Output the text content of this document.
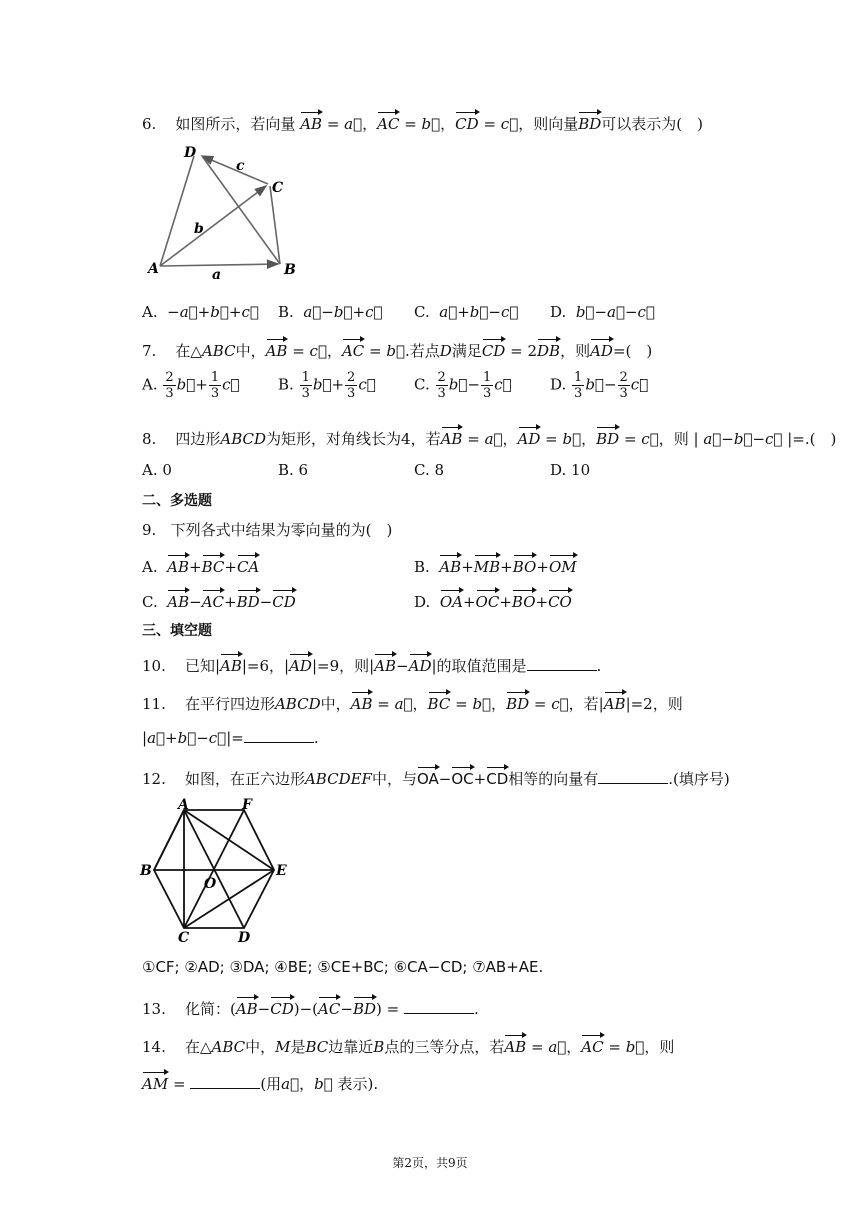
6. 如图所示，若向量 AB = a⃗，AC = b⃗，CD = c⃗，则向量BD可以表示为(　)
D
C
A	B
a
b
c
A.  −a⃗+b⃗+c⃗ B. a⃗−b⃗+c⃗ C. a⃗+b⃗−c⃗ D. b⃗−a⃗−c⃗
7. 在△ABC中，AB = c⃗，AC = b⃗.若点D满足CD = 2DB，则AD=(　)
A. $\frac{2}{3}$ b⃗+ $\frac{1}{3}$ c⃗	B. $\frac{1}{3}$ b⃗+ $\frac{2}{3}$ c⃗	C. $\frac{2}{3}$ b⃗− $\frac{1}{3}$ c⃗	D. $\frac{1}{3}$ b⃗− $\frac{2}{3}$ c⃗
8. 四边形ABCD为矩形，对角线长为4，若AB = a⃗，AD = b⃗，BD = c⃗，则 | a⃗−b⃗−c⃗ |=.(　)
A. 0	B. 6	C. 8	D. 10
二、多选题
9. 下列各式中结果为零向量的为(　)
A. AB+BC+CA	B. AB+MB+BO+OM
C. AB−AC+BD−CD	D. OA+OC+BO+CO
三、填空题
10. 已知|AB|=6，|AD|=9，则|AB−AD|的取值范围是	.
11. 在平行四边形ABCD中，AB = a⃗，BC = b⃗，BD = c⃗，若|AB|=2，则
|a⃗+b⃗−c⃗|=	.
12. 如图，在正六边形ABCDEF中，与OA−OC+CD相等的向量有	.(填序号)
A	F
B	E
O
C	D
①CF; ②AD; ③DA; ④BE; ⑤CE+BC; ⑥CA−CD; ⑦AB+AE.
13. 化简：(AB−CD)−(AC−BD) =	.
14. 在△ABC中，M是BC边靠近B点的三等分点，若AB = a⃗，AC = b⃗，则
AM =	(用a⃗，b⃗ 表示).
第2页，共9页
